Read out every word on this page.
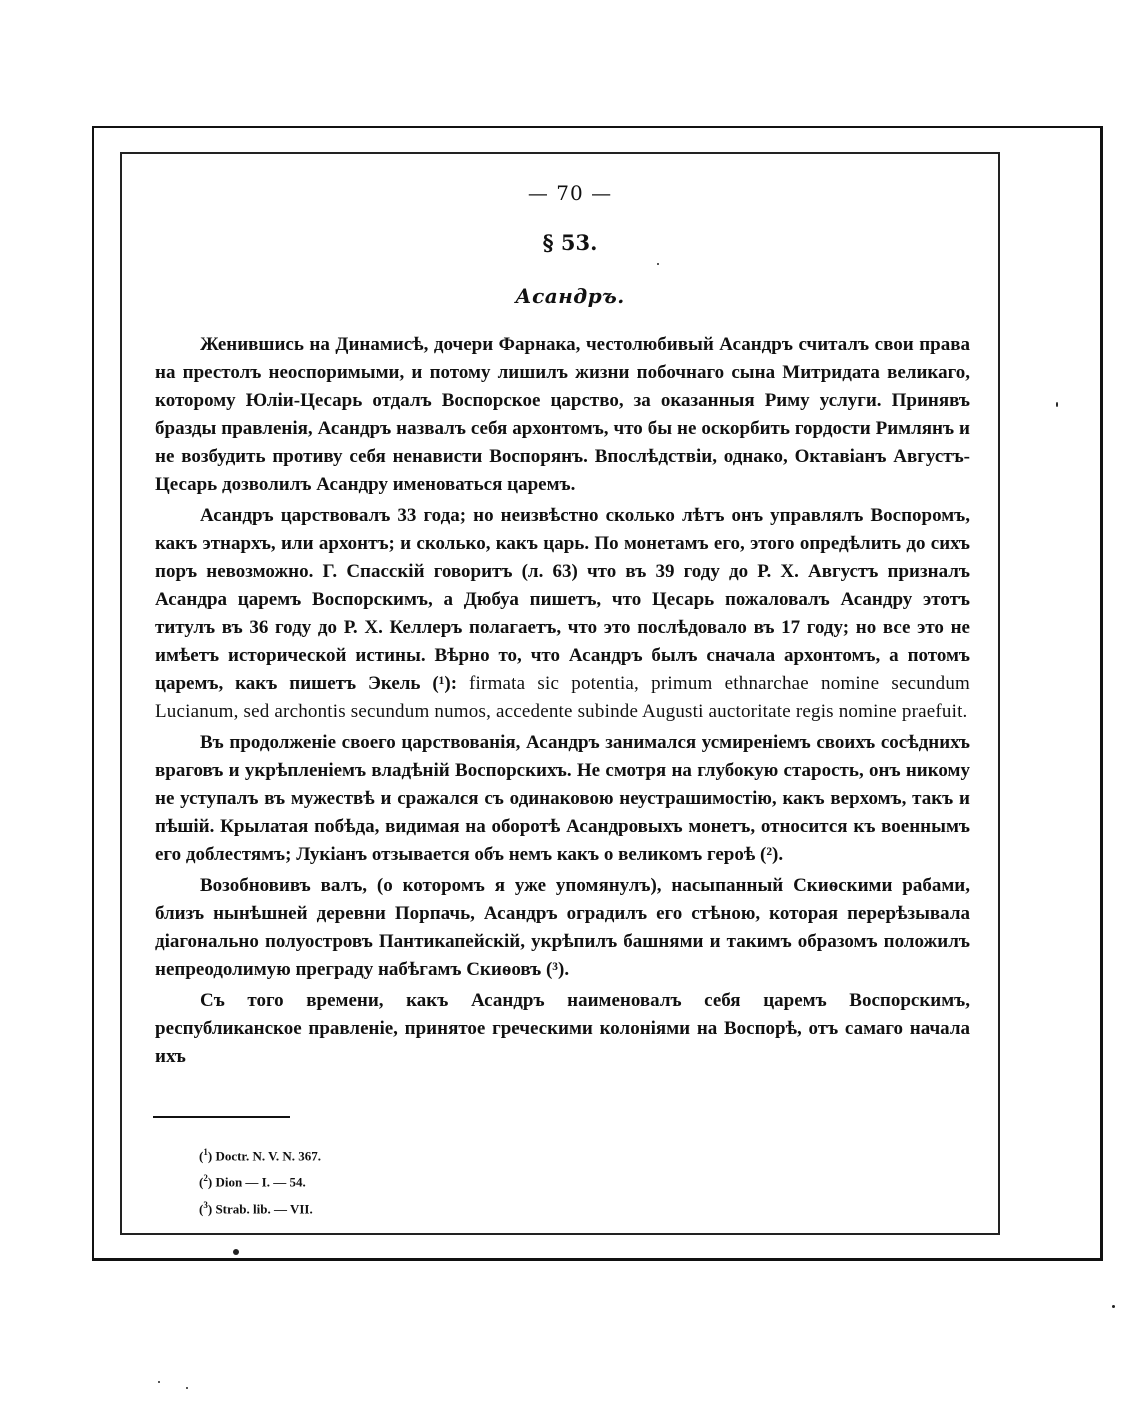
— 70 —
§ 53.
Асандръ.

Женившись на Динамисѣ, дочери Фарнака, честолюбивый Асандръ считалъ свои права на престолъ неоспоримыми, и потому лишилъ жизни побочнаго сына Митридата великаго, которому Юлiи-Цесарь отдалъ Воспорское царство, за оказанныя Риму услуги. Принявъ бразды правленiя, Асандръ назвалъ себя архонтомъ, что бы не оскорбить гордости Римлянъ и не возбудить противу себя ненависти Воспорянъ. Впослѣдствiи, однако, Октавiанъ Августъ-Цесарь дозволилъ Асандру именоваться царемъ.

Асандръ царствовалъ 33 года; но неизвѣстно сколько лѣтъ онъ управлялъ Воспоромъ, какъ этнархъ, или архонтъ; и сколько, какъ царь. По монетамъ его, этого опредѣлить до сихъ поръ невозможно. Г. Спасскiй говоритъ (л. 63) что въ 39 году до Р. Х. Августъ призналъ Асандра царемъ Воспорскимъ, а Дюбуа пишетъ, что Цесарь пожаловалъ Асандру этотъ титулъ въ 36 году до Р. Х. Келлеръ полагаетъ, что это послѣдовало въ 17 году; но все это не имѣетъ исторической истины. Вѣрно то, что Асандръ былъ сначала архонтомъ, а потомъ царемъ, какъ пишетъ Экель (¹): firmata sic potentia, primum ethnarchae nomine secundum Lucianum, sed archontis secundum numos, accedente subinde Augusti auctoritate regis nomine praefuit.

Въ продолженiе своего царствованiя, Асандръ занимался усмиренiемъ своихъ сосѣднихъ враговъ и укрѣпленiемъ владѣнiй Воспорскихъ. Не смотря на глубокую старость, онъ никому не уступалъ въ мужествѣ и сражался съ одинаковою неустрашимостiю, какъ верхомъ, такъ и пѣшiй. Крылатая побѣда, видимая на оборотѣ Асандровыхъ монетъ, относится къ военнымъ его доблестямъ; Лукiанъ отзывается объ немъ какъ о великомъ героѣ (²).

Возобновивъ валъ, (о которомъ я уже упомянулъ), насыпанный Скиѳскими рабами, близъ нынѣшней деревни Порпачь, Асандръ оградилъ его стѣною, которая перерѣзывала дiагонально полуостровъ Пантикапейскiй, укрѣпилъ башнями и такимъ образомъ положилъ непреодолимую преграду набѣгамъ Скиѳовъ (³).

Съ того времени, какъ Асандръ наименовалъ себя царемъ Воспорскимъ, республиканское правленiе, принятое греческими колонiями на Воспорѣ, отъ самаго начала ихъ

($^1$) Doctr. N. V. N. 367.
($^2$) Dion — I. — 54.
($^3$) Strab. lib. — VII.
